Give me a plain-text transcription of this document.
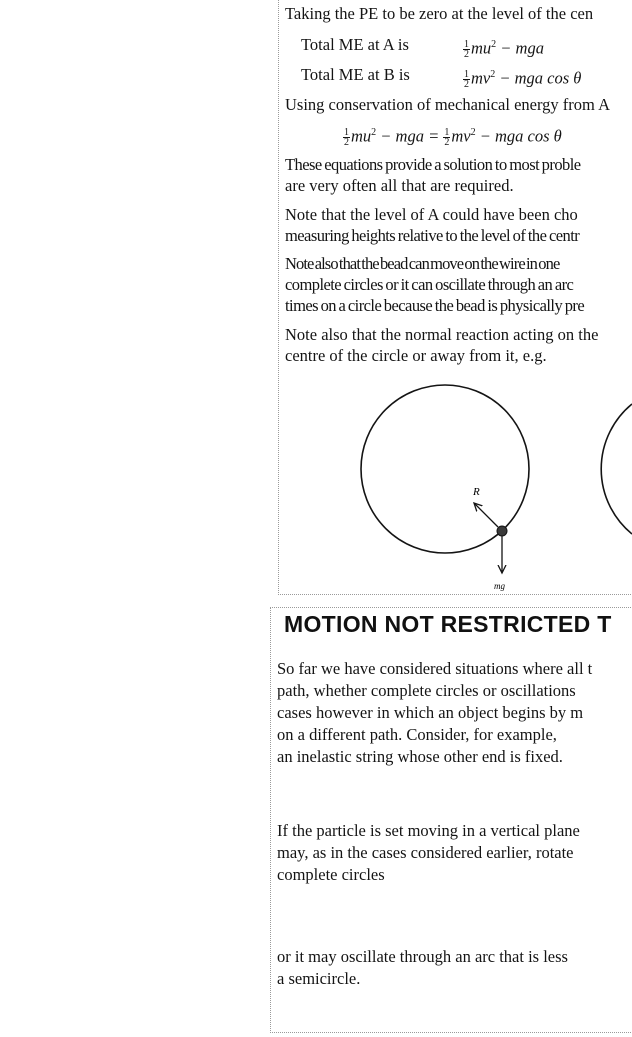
Taking the PE to be zero at the level of the cen
Total ME at A is	$\frac{1}{2} mu^2$ − mga
Total ME at B is	$\frac{1}{2} mv^2$ − mga cos θ
Using conservation of mechanical energy from A
$\frac{1}{2} mu^2$ − mga = $\frac{1}{2} mv^2$ − mga cos θ
These equations provide a solution to most proble
are very often all that are required.
Note that the level of A could have been cho
measuring heights relative to the level of the centr
Note also that the bead can move on the wire in one
complete circles or it can oscillate through an arc
times on a circle because the bead is physically pre
Note also that the normal reaction acting on the
centre of the circle or away from it, e.g.
R
mg
MOTION NOT RESTRICTED T
So far we have considered situations where all t
path, whether complete circles or oscillations
cases however in which an object begins by m
on a different path. Consider, for example,
an inelastic string whose other end is fixed.
If the particle is set moving in a vertical plane
may, as in the cases considered earlier, rotate
complete circles
or it may oscillate through an arc that is less
a semicircle.
